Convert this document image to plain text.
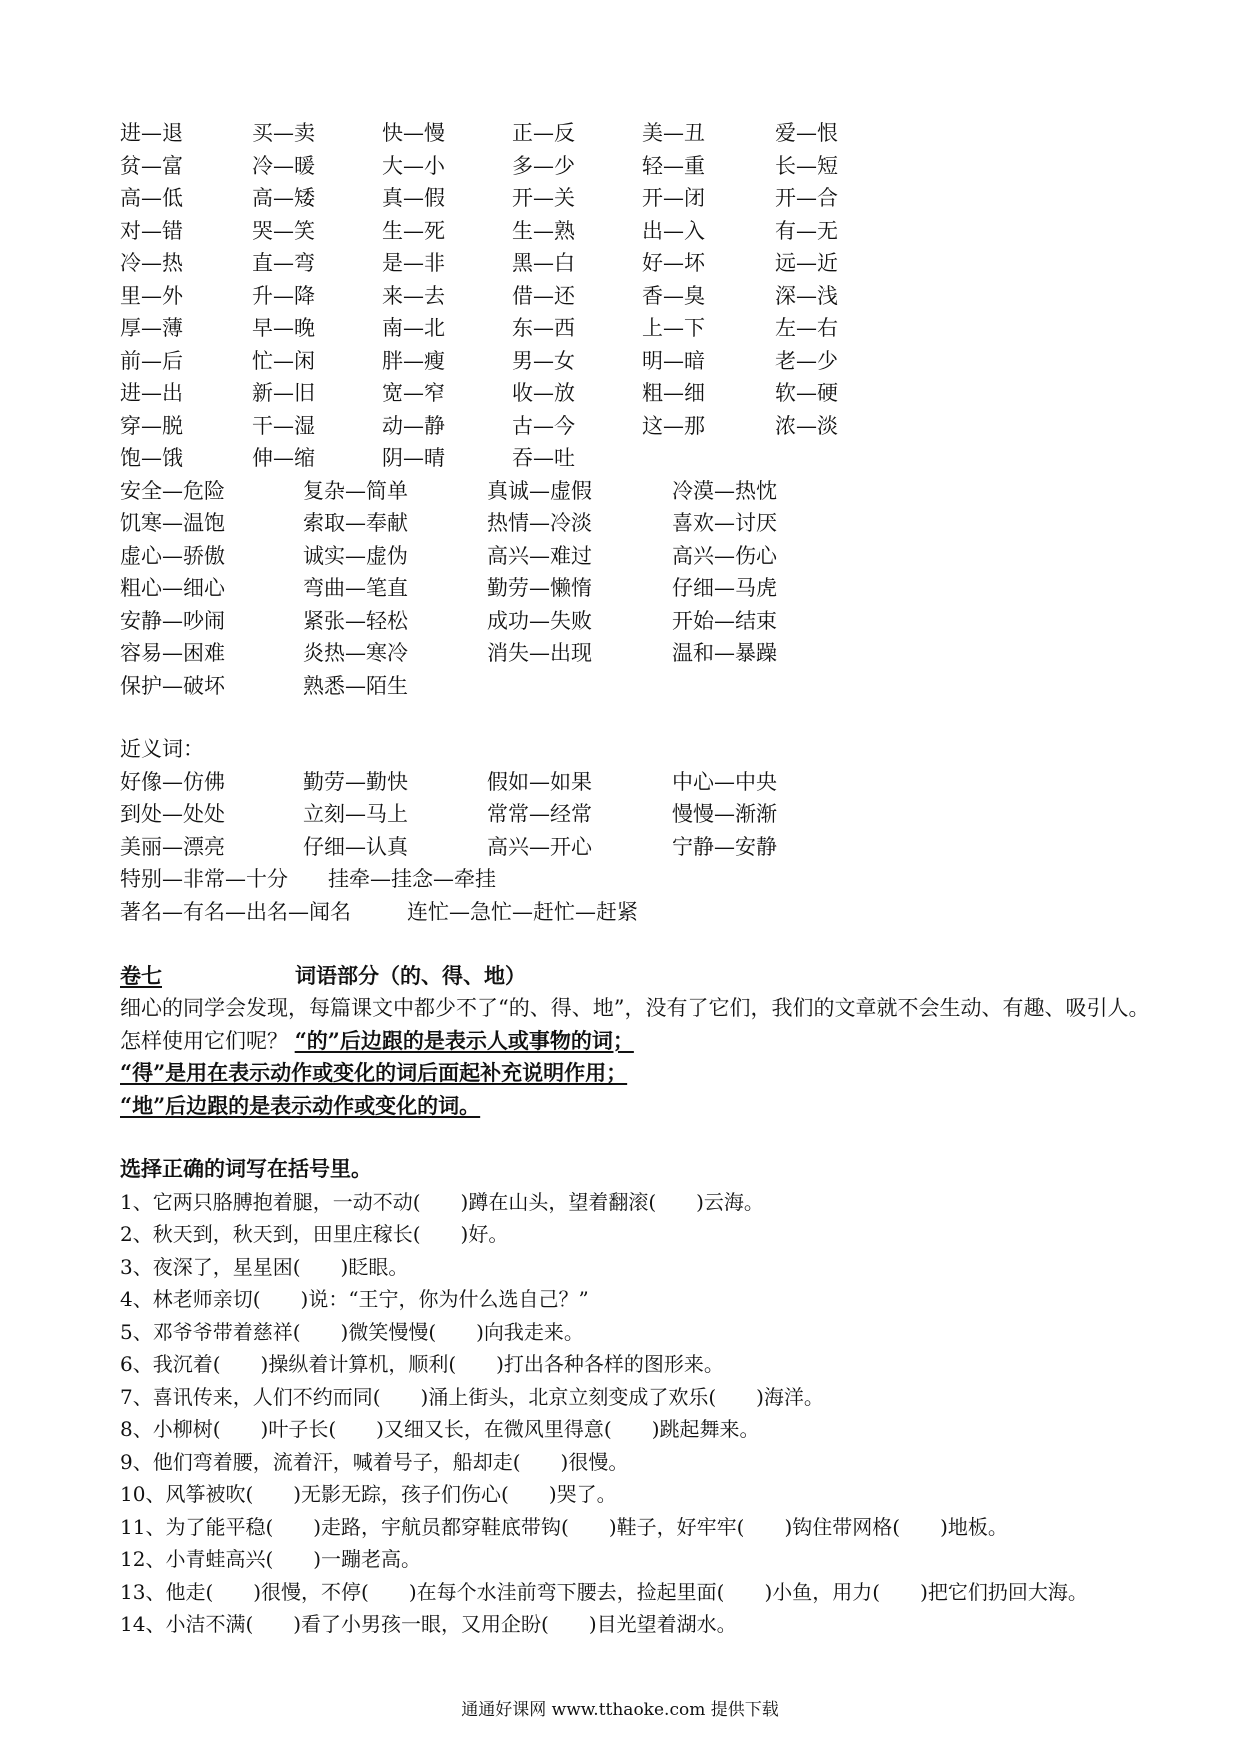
进—退	买—卖	快—慢	正—反	美—丑	爱—恨
贫—富	冷—暖	大—小	多—少	轻—重	长—短
高—低	高—矮	真—假	开—关	开—闭	开—合
对—错	哭—笑	生—死	生—熟	出—入	有—无
冷—热	直—弯	是—非	黑—白	好—坏	远—近
里—外	升—降	来—去	借—还	香—臭	深—浅
厚—薄	早—晚	南—北	东—西	上—下	左—右
前—后	忙—闲	胖—瘦	男—女	明—暗	老—少
进—出	新—旧	宽—窄	收—放	粗—细	软—硬
穿—脱	干—湿	动—静	古—今	这—那	浓—淡
饱—饿	伸—缩	阴—晴	吞—吐
安全—危险	复杂—简单	真诚—虚假	冷漠—热忱
饥寒—温饱	索取—奉献	热情—冷淡	喜欢—讨厌
虚心—骄傲	诚实—虚伪	高兴—难过	高兴—伤心
粗心—细心	弯曲—笔直	勤劳—懒惰	仔细—马虎
安静—吵闹	紧张—轻松	成功—失败	开始—结束
容易—困难	炎热—寒冷	消失—出现	温和—暴躁
保护—破坏	熟悉—陌生
近义词：
好像—仿佛	勤劳—勤快	假如—如果	中心—中央
到处—处处	立刻—马上	常常—经常	慢慢—渐渐
美丽—漂亮	仔细—认真	高兴—开心	宁静—安静
特别—非常—十分 挂牵—挂念—牵挂
著名—有名—出名—闻名	连忙—急忙—赶忙—赶紧
卷七	词语部分（的、得、地）
细心的同学会发现，每篇课文中都少不了“的、得、地”，没有了它们，我们的文章就不会生动、有趣、吸引人。怎样使用它们呢？ “的”后边跟的是表示人或事物的词；
“得”是用在表示动作或变化的词后面起补充说明作用；
“地”后边跟的是表示动作或变化的词。
选择正确的词写在括号里。
1、它两只胳膊抱着腿，一动不动(　　)蹲在山头，望着翻滚(　　)云海。
2、秋天到，秋天到，田里庄稼长(　　)好。
3、夜深了，星星困(　　)眨眼。
4、林老师亲切(　　)说：“王宁，你为什么选自己？”
5、邓爷爷带着慈祥(　　)微笑慢慢(　　)向我走来。
6、我沉着(　　)操纵着计算机，顺利(　　)打出各种各样的图形来。
7、喜讯传来，人们不约而同(　　)涌上街头，北京立刻变成了欢乐(　　)海洋。
8、小柳树(　　)叶子长(　　)又细又长，在微风里得意(　　)跳起舞来。
9、他们弯着腰，流着汗，喊着号子，船却走(　　)很慢。
10、风筝被吹(　　)无影无踪，孩子们伤心(　　)哭了。
11、为了能平稳(　　)走路，宇航员都穿鞋底带钩(　　)鞋子，好牢牢(　　)钩住带网格(　　)地板。
12、小青蛙高兴(　　)一蹦老高。
13、他走(　　)很慢，不停(　　)在每个水洼前弯下腰去，捡起里面(　　)小鱼，用力(　　)把它们扔回大海。
14、小洁不满(　　)看了小男孩一眼，又用企盼(　　)目光望着湖水。
通通好课网 www.tthaoke.com 提供下载
